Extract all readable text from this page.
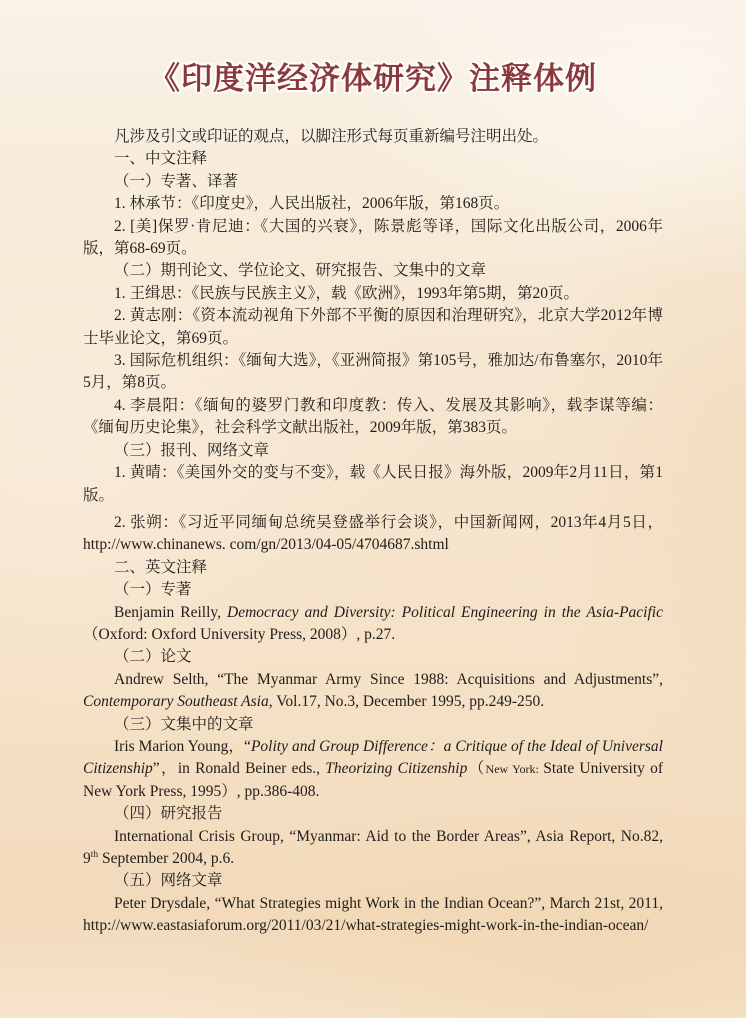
《印度洋经济体研究》注释体例

凡涉及引文或印证的观点，以脚注形式每页重新编号注明出处。

一、中文注释

（一）专著、译著

1. 林承节：《印度史》，人民出版社，2006年版，第168页。

2. [美]保罗·肯尼迪：《大国的兴衰》，陈景彪等译，国际文化出版公司，2006年版，第68-69页。

（二）期刊论文、学位论文、研究报告、文集中的文章

1. 王缉思：《民族与民族主义》，载《欧洲》，1993年第5期，第20页。

2. 黄志刚：《资本流动视角下外部不平衡的原因和治理研究》，北京大学2012年博士毕业论文，第69页。

3. 国际危机组织：《缅甸大选》，《亚洲简报》第105号，雅加达/布鲁塞尔，2010年5月，第8页。

4. 李晨阳：《缅甸的婆罗门教和印度教：传入、发展及其影响》，载李谋等编：《缅甸历史论集》，社会科学文献出版社，2009年版，第383页。

（三）报刊、网络文章

1. 黄晴：《美国外交的变与不变》，载《人民日报》海外版，2009年2月11日，第1版。

2. 张朔：《习近平同缅甸总统吴登盛举行会谈》，中国新闻网，2013年4月5日，http://www.chinanews. com/gn/2013/04-05/4704687.shtml

二、英文注释

（一）专著

Benjamin Reilly, Democracy and Diversity: Political Engineering in the Asia-Pacific（Oxford: Oxford University Press, 2008）, p.27.

（二）论文

Andrew Selth, “The Myanmar Army Since 1988: Acquisitions and Adjustments”, Contemporary Southeast Asia, Vol.17, No.3, December 1995, pp.249-250.

（三）文集中的文章

Iris Marion Young，“Polity and Group Difference：a Critique of the Ideal of Universal Citizenship”，in Ronald Beiner eds., Theorizing Citizenship（New York: State University of New York Press, 1995）, pp.386-408.

（四）研究报告

International Crisis Group, “Myanmar: Aid to the Border Areas”, Asia Report, No.82, 9th September 2004, p.6.

（五）网络文章

Peter Drysdale, “What Strategies might Work in the Indian Ocean?”, March 21st, 2011, http://www.eastasiaforum.org/2011/03/21/what-strategies-might-work-in-the-indian-ocean/
